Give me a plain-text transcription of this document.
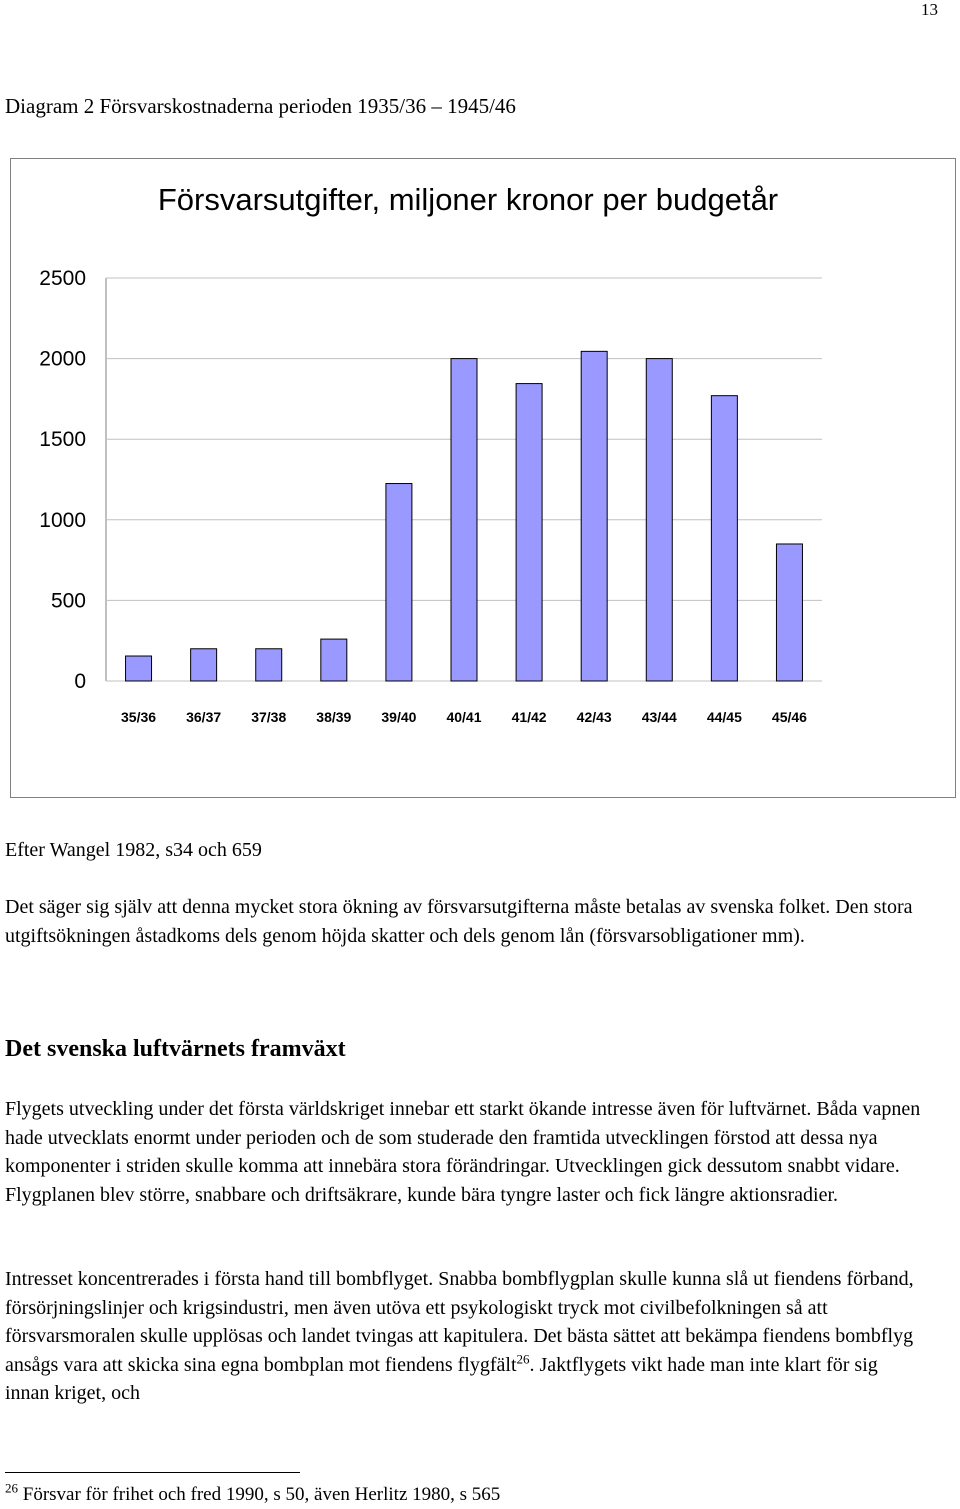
13
Diagram 2 Försvarskostnaderna perioden 1935/36 – 1945/46
Försvarsutgifter, miljoner kronor per budgetår
0
500
1000
1500
2000
2500
35/36 36/37 37/38 38/39 39/40 40/41 41/42 42/43 43/44 44/45 45/46
Efter Wangel 1982, s34 och 659
Det säger sig själv att denna mycket stora ökning av försvarsutgifterna måste betalas av svenska folket. Den stora utgiftsökningen åstadkoms dels genom höjda skatter och dels genom lån (försvarsobligationer mm).
Det svenska luftvärnets framväxt
Flygets utveckling under det första världskriget innebar ett starkt ökande intresse även för luftvärnet. Båda vapnen hade utvecklats enormt under perioden och de som studerade den framtida utvecklingen förstod att dessa nya komponenter i striden skulle komma att innebära stora förändringar. Utvecklingen gick dessutom snabbt vidare. Flygplanen blev större, snabbare och driftsäkrare, kunde bära tyngre laster och fick längre aktionsradier.
Intresset koncentrerades i första hand till bombflyget. Snabba bombflygplan skulle kunna slå ut fiendens förband, försörjningslinjer och krigsindustri, men även utöva ett psykologiskt tryck mot civilbefolkningen så att försvarsmoralen skulle upplösas och landet tvingas att kapitulera. Det bästa sättet att bekämpa fiendens bombflyg ansågs vara att skicka sina egna bombplan mot fiendens flygfält$^{26}$. Jaktflygets vikt hade man inte klart för sig innan kriget, och
$^{26}$ Försvar för frihet och fred 1990, s 50, även Herlitz 1980, s 565
